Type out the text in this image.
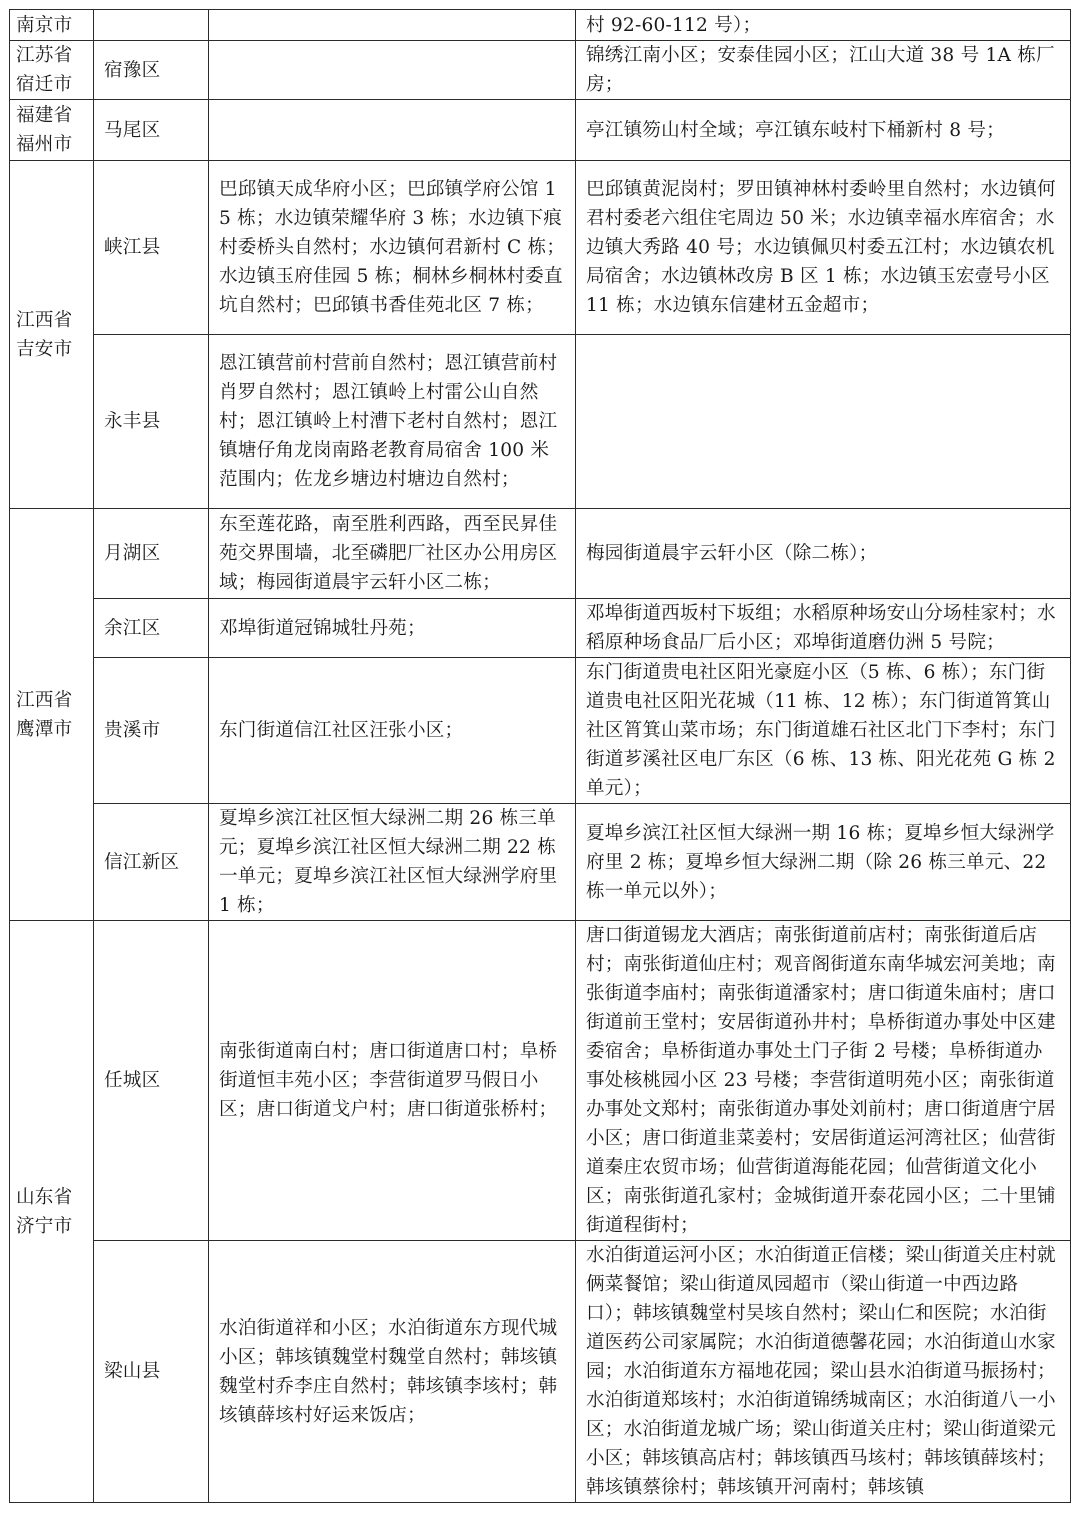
南京市			村 92-60-112 号）；
江苏省宿迁市	宿豫区		锦绣江南小区；安泰佳园小区；江山大道 38 号 1A 栋厂房；
福建省福州市	马尾区		亭江镇笏山村全域；亭江镇东岐村下桶新村 8 号；
江西省吉安市	峡江县	巴邱镇天成华府小区；巴邱镇学府公馆 15 栋；水边镇荣耀华府 3 栋；水边镇下痕村委桥头自然村；水边镇何君新村 C 栋；水边镇玉府佳园 5 栋；桐林乡桐林村委直坑自然村；巴邱镇书香佳苑北区 7 栋；	巴邱镇黄泥岗村；罗田镇神林村委岭里自然村；水边镇何君村委老六组住宅周边 50 米；水边镇幸福水库宿舍；水边镇大秀路 40 号；水边镇佩贝村委五江村；水边镇农机局宿舍；水边镇林改房 B 区 1 栋；水边镇玉宏壹号小区 11 栋；水边镇东信建材五金超市；
	永丰县	恩江镇营前村营前自然村；恩江镇营前村肖罗自然村；恩江镇岭上村雷公山自然村；恩江镇岭上村漕下老村自然村；恩江镇塘仔角龙岗南路老教育局宿舍 100 米范围内；佐龙乡塘边村塘边自然村；	
江西省鹰潭市	月湖区	东至莲花路，南至胜利西路，西至民昇佳苑交界围墙，北至磷肥厂社区办公用房区域；梅园街道晨宇云轩小区二栋；	梅园街道晨宇云轩小区（除二栋）；
	余江区	邓埠街道冠锦城牡丹苑；	邓埠街道西坂村下坂组；水稻原种场安山分场桂家村；水稻原种场食品厂后小区；邓埠街道磨仂洲 5 号院；
	贵溪市	东门街道信江社区汪张小区；	东门街道贵电社区阳光豪庭小区（5 栋、6 栋）；东门街道贵电社区阳光花城（11 栋、12 栋）；东门街道筲箕山社区筲箕山菜市场；东门街道雄石社区北门下李村；东门街道芗溪社区电厂东区（6 栋、13 栋、阳光花苑 G 栋 2 单元）；
	信江新区	夏埠乡滨江社区恒大绿洲二期 26 栋三单元；夏埠乡滨江社区恒大绿洲二期 22 栋一单元；夏埠乡滨江社区恒大绿洲学府里 1 栋；	夏埠乡滨江社区恒大绿洲一期 16 栋；夏埠乡恒大绿洲学府里 2 栋；夏埠乡恒大绿洲二期（除 26 栋三单元、22 栋一单元以外）；
山东省济宁市	任城区	南张街道南白村；唐口街道唐口村；阜桥街道恒丰苑小区；李营街道罗马假日小区；唐口街道戈户村；唐口街道张桥村；	唐口街道锡龙大酒店；南张街道前店村；南张街道后店村；南张街道仙庄村；观音阁街道东南华城宏河美地；南张街道李庙村；南张街道潘家村；唐口街道朱庙村；唐口街道前王堂村；安居街道孙井村；阜桥街道办事处中区建委宿舍；阜桥街道办事处土门子街 2 号楼；阜桥街道办事处核桃园小区 23 号楼；李营街道明苑小区；南张街道办事处文郑村；南张街道办事处刘前村；唐口街道唐宁居小区；唐口街道韭菜姜村；安居街道运河湾社区；仙营街道秦庄农贸市场；仙营街道海能花园；仙营街道文化小区；南张街道孔家村；金城街道开泰花园小区；二十里铺街道程街村；
	梁山县	水泊街道祥和小区；水泊街道东方现代城小区；韩垓镇魏堂村魏堂自然村；韩垓镇魏堂村乔李庄自然村；韩垓镇李垓村；韩垓镇薛垓村好运来饭店；	水泊街道运河小区；水泊街道正信楼；梁山街道关庄村就俩菜餐馆；梁山街道凤园超市（梁山街道一中西边路口）；韩垓镇魏堂村吴垓自然村；梁山仁和医院；水泊街道医药公司家属院；水泊街道德馨花园；水泊街道山水家园；水泊街道东方福地花园；梁山县水泊街道马振扬村；水泊街道郑垓村；水泊街道锦绣城南区；水泊街道八一小区；水泊街道龙城广场；梁山街道关庄村；梁山街道梁元小区；韩垓镇高店村；韩垓镇西马垓村；韩垓镇薛垓村；韩垓镇蔡徐村；韩垓镇开河南村；韩垓镇
